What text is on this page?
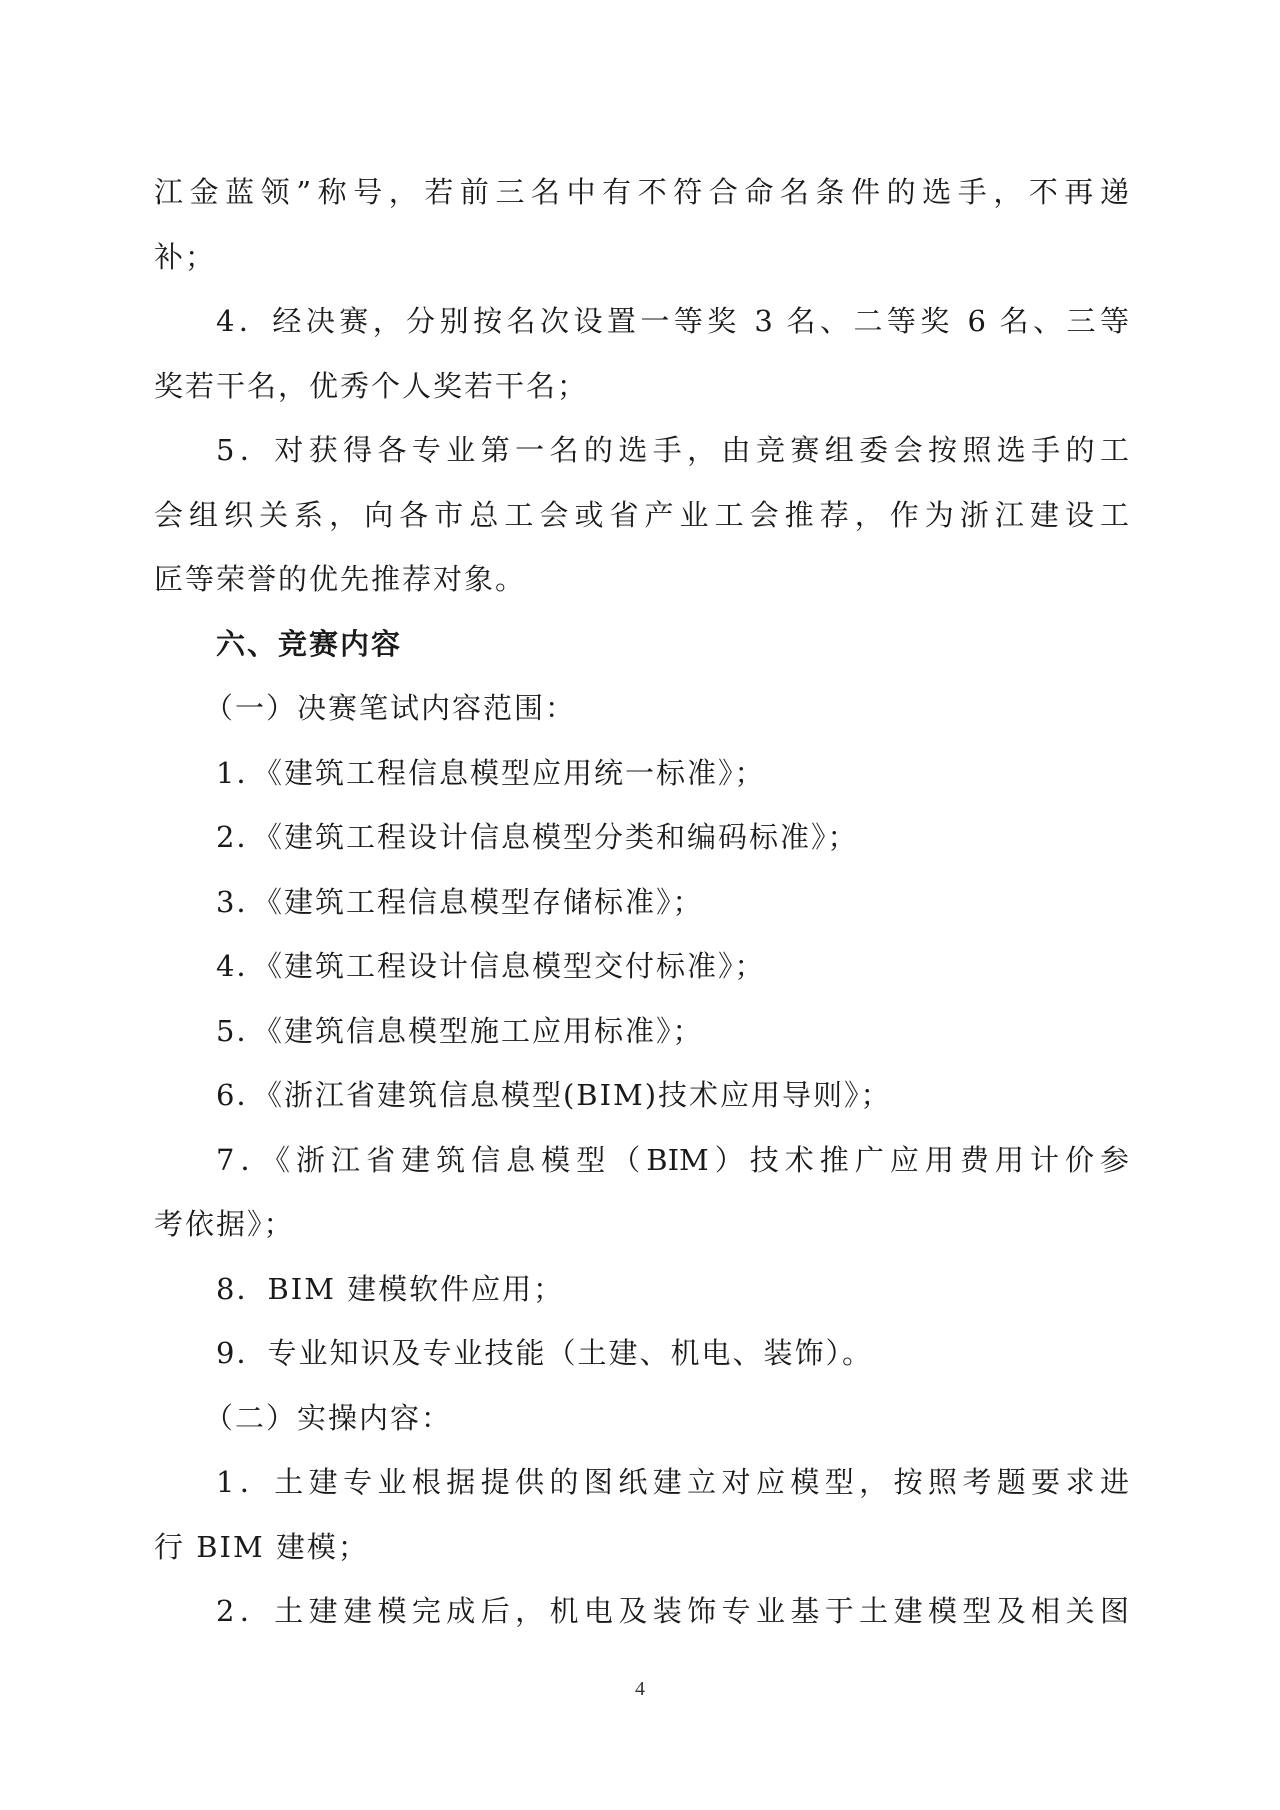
江金蓝领”称号，若前三名中有不符合命名条件的选手，不再递
补；
4．经决赛，分别按名次设置一等奖 3 名、二等奖 6 名、三等
奖若干名，优秀个人奖若干名；
5．对获得各专业第一名的选手，由竞赛组委会按照选手的工
会组织关系，向各市总工会或省产业工会推荐，作为浙江建设工
匠等荣誉的优先推荐对象。
六、竞赛内容
（一）决赛笔试内容范围：
1．《建筑工程信息模型应用统一标准》；
2．《建筑工程设计信息模型分类和编码标准》；
3．《建筑工程信息模型存储标准》；
4．《建筑工程设计信息模型交付标准》；
5．《建筑信息模型施工应用标准》；
6．《浙江省建筑信息模型(BIM)技术应用导则》；
7．《浙江省建筑信息模型（BIM）技术推广应用费用计价参
考依据》；
8．BIM 建模软件应用；
9．专业知识及专业技能（土建、机电、装饰）。
（二）实操内容：
1．土建专业根据提供的图纸建立对应模型，按照考题要求进
行 BIM 建模；
2．土建建模完成后，机电及装饰专业基于土建模型及相关图
4
